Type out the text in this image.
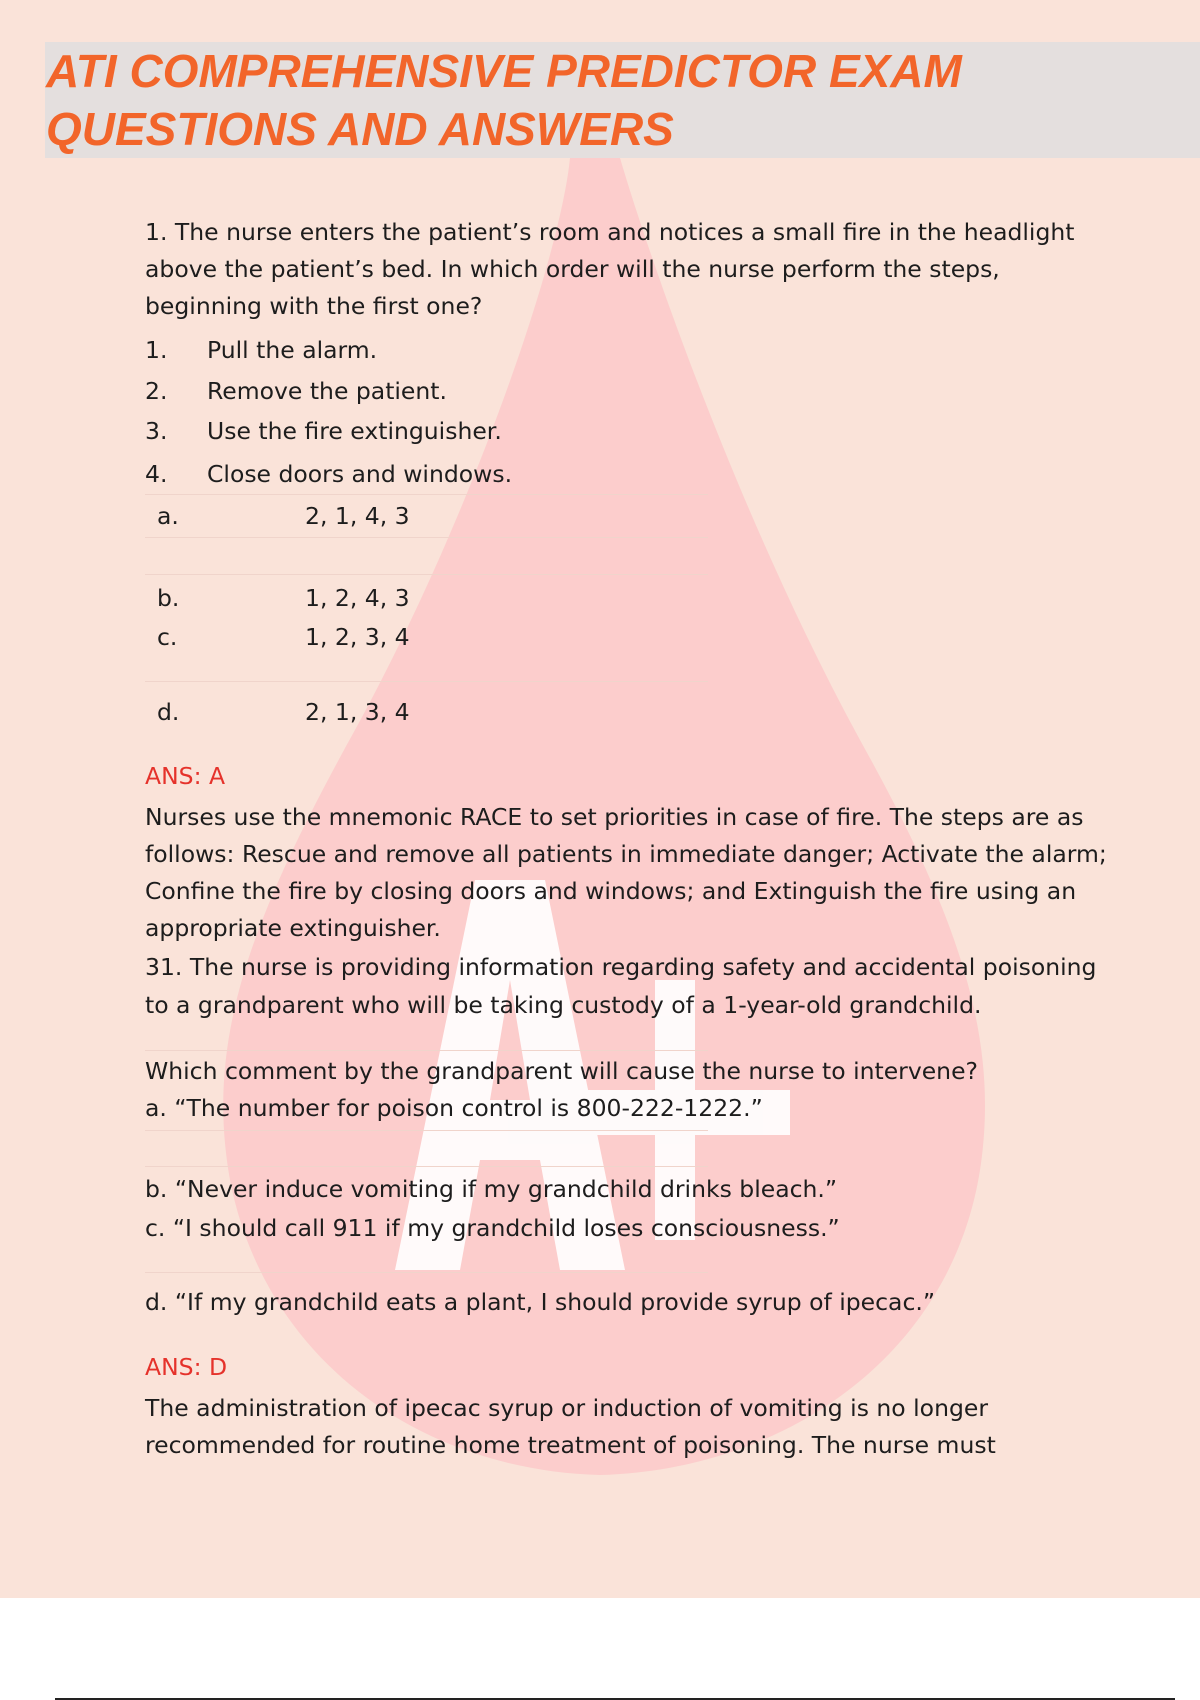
ATI COMPREHENSIVE PREDICTOR EXAM
QUESTIONS AND ANSWERS

1. The nurse enters the patient’s room and notices a small fire in the headlight

above the patient’s bed. In which order will the nurse perform the steps,

beginning with the first one?

1. Pull the alarm.
2. Remove the patient.
3. Use the fire extinguisher.
4. Close doors and windows.
a.	2, 1, 4, 3
b.	1, 2, 4, 3
c.	1, 2, 3, 4
d.	2, 1, 3, 4
ANS: A

Nurses use the mnemonic RACE to set priorities in case of fire. The steps are as

follows: Rescue and remove all patients in immediate danger; Activate the alarm;

Confine the fire by closing doors and windows; and Extinguish the fire using an

appropriate extinguisher.

31. The nurse is providing information regarding safety and accidental poisoning

to a grandparent who will be taking custody of a 1-year-old grandchild.

Which comment by the grandparent will cause the nurse to intervene?

a. “The number for poison control is 800-222-1222.”

b. “Never induce vomiting if my grandchild drinks bleach.”

c. “I should call 911 if my grandchild loses consciousness.”

d. “If my grandchild eats a plant, I should provide syrup of ipecac.”

ANS: D

The administration of ipecac syrup or induction of vomiting is no longer

recommended for routine home treatment of poisoning. The nurse must
